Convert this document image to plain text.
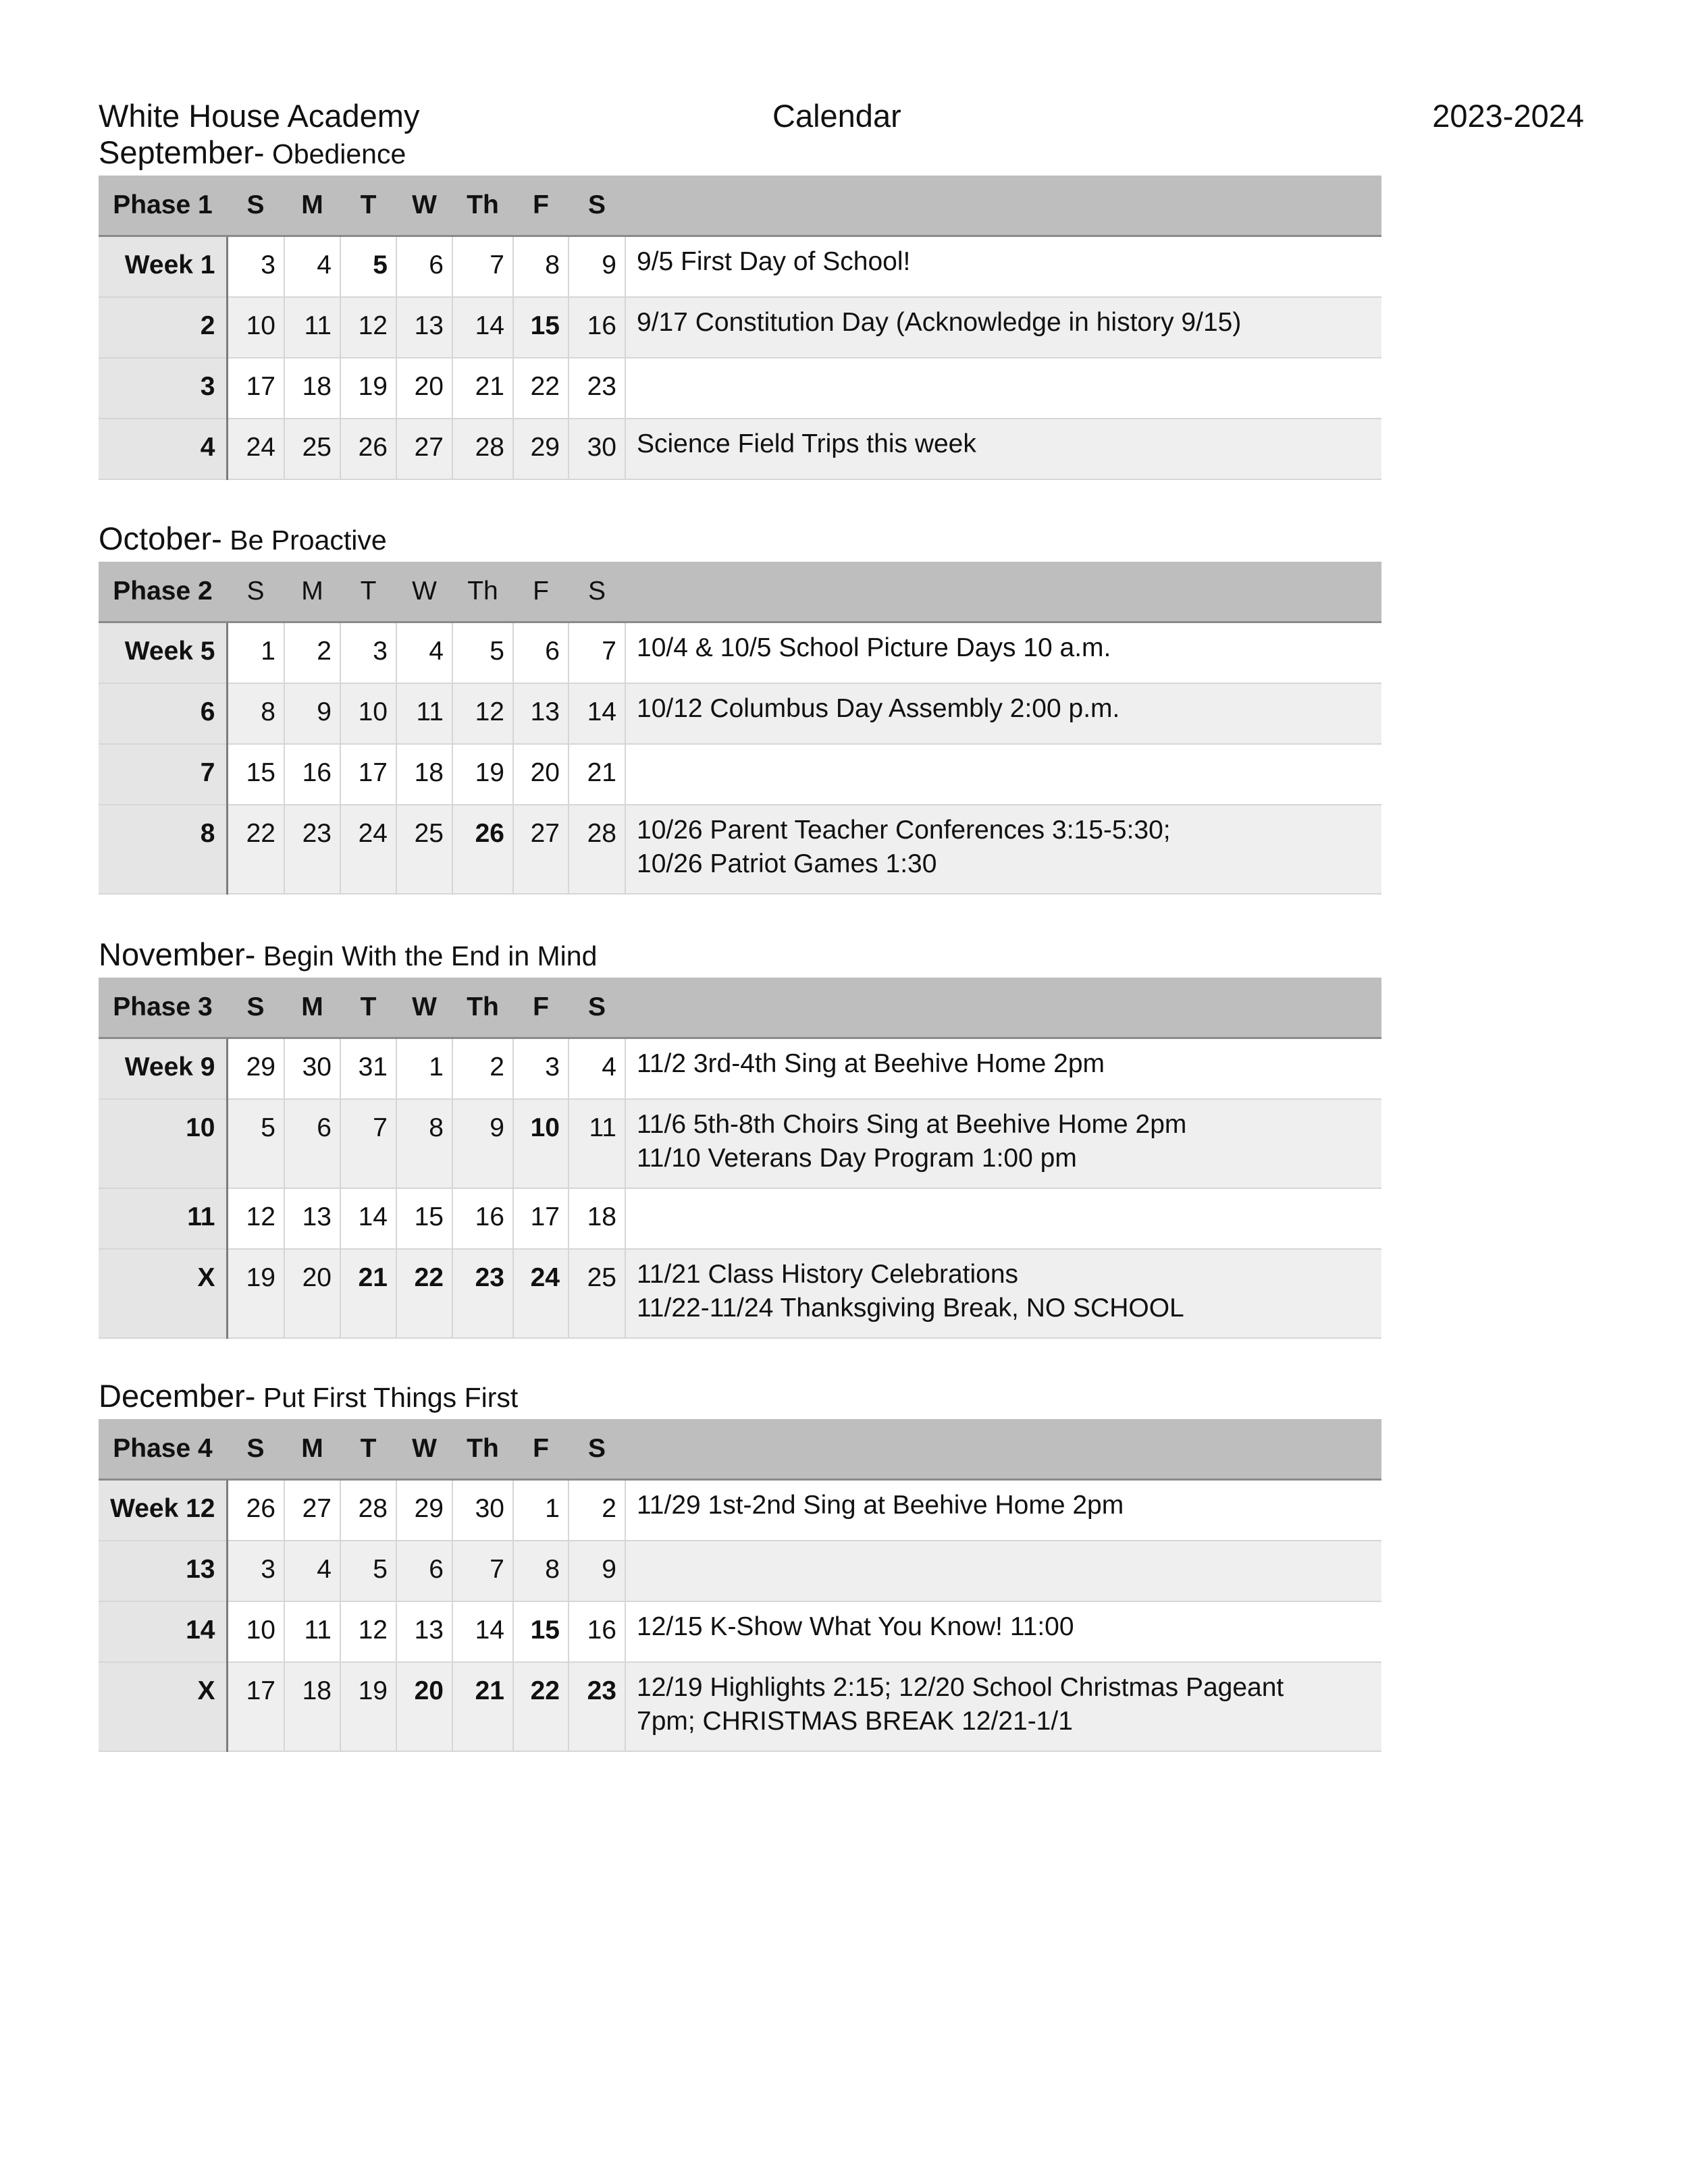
White House Academy	Calendar	2023-2024
September- Obedience
Phase 1	S	M	T	W	Th	F	S	
Week 1	3	4	5	6	7	8	9	9/5 First Day of School!

2	10	11	12	13	14	15	16	9/17 Constitution Day (Acknowledge in history 9/15)

3	17	18	19	20	21	22	23	
4	24	25	26	27	28	29	30	Science Field Trips this week
October- Be Proactive
Phase 2	S	M	T	W	Th	F	S	
Week 5	1	2	3	4	5	6	7	10/4 & 10/5 School Picture Days 10 a.m.

6	8	9	10	11	12	13	14	10/12 Columbus Day Assembly 2:00 p.m.

7	15	16	17	18	19	20	21	
8	22	23	24	25	26	27	28	10/26 Parent Teacher Conferences 3:15-5:30;
10/26 Patriot Games 1:30
November- Begin With the End in Mind
Phase 3	S	M	T	W	Th	F	S	
Week 9	29	30	31	1	2	3	4	11/2 3rd-4th Sing at Beehive Home 2pm

10	5	6	7	8	9	10	11	11/6 5th-8th Choirs Sing at Beehive Home 2pm
11/10 Veterans Day Program 1:00 pm

11	12	13	14	15	16	17	18	
X	19	20	21	22	23	24	25	11/21 Class History Celebrations
11/22-11/24 Thanksgiving Break, NO SCHOOL
December- Put First Things First
Phase 4	S	M	T	W	Th	F	S	
Week 12	26	27	28	29	30	1	2	11/29 1st-2nd Sing at Beehive Home 2pm

13	3	4	5	6	7	8	9	
14	10	11	12	13	14	15	16	12/15 K-Show What You Know! 11:00

X	17	18	19	20	21	22	23	12/19 Highlights 2:15; 12/20 School Christmas Pageant
7pm; CHRISTMAS BREAK 12/21-1/1
